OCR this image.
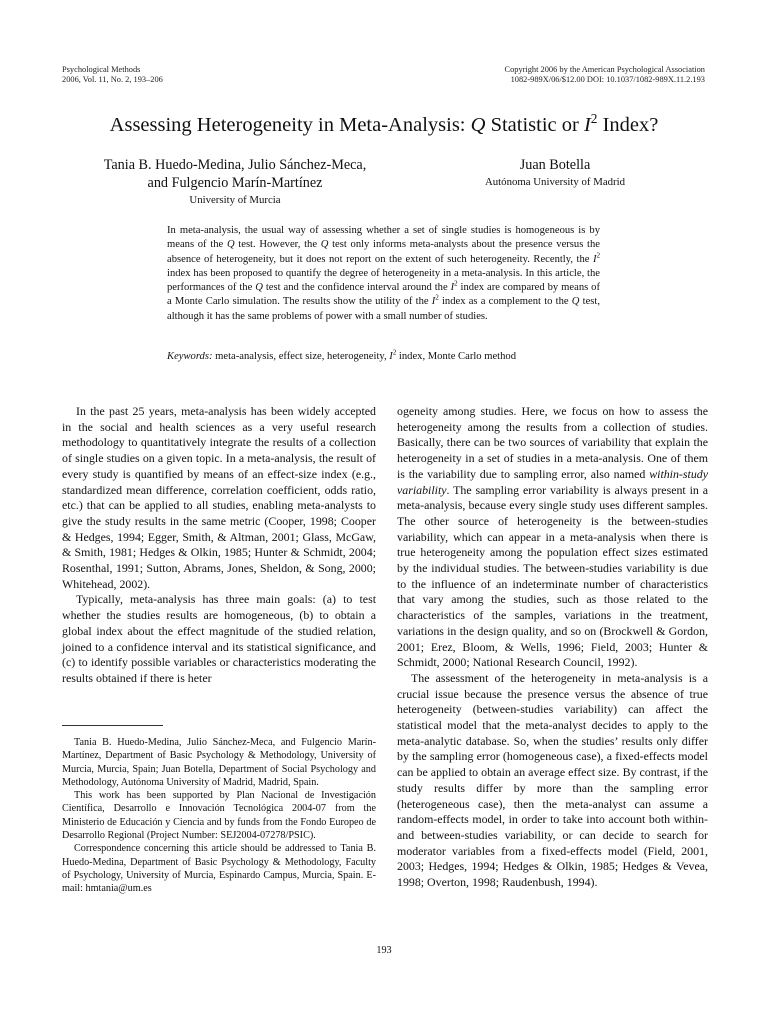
Psychological Methods
2006, Vol. 11, No. 2, 193–206
Copyright 2006 by the American Psychological Association
1082-989X/06/$12.00 DOI: 10.1037/1082-989X.11.2.193
Assessing Heterogeneity in Meta-Analysis: Q Statistic or $I^2$ Index?
Tania B. Huedo-Medina, Julio Sánchez-Meca,
and Fulgencio Marín-Martínez
University of Murcia
Juan Botella
Autónoma University of Madrid
In meta-analysis, the usual way of assessing whether a set of single studies is homogeneous is by means of the Q test. However, the Q test only informs meta-analysts about the presence versus the absence of heterogeneity, but it does not report on the extent of such heterogeneity. Recently, the $I^2$ index has been proposed to quantify the degree of heterogeneity in a meta-analysis. In this article, the performances of the Q test and the confidence interval around the $I^2$ index are compared by means of a Monte Carlo simulation. The results show the utility of the $I^2$ index as a complement to the Q test, although it has the same problems of power with a small number of studies.
Keywords: meta-analysis, effect size, heterogeneity, $I^2$ index, Monte Carlo method

In the past 25 years, meta-analysis has been widely accepted in the social and health sciences as a very useful research methodology to quantitatively integrate the results of a collection of single studies on a given topic. In a meta-analysis, the result of every study is quantified by means of an effect-size index (e.g., standardized mean difference, correlation coefficient, odds ratio, etc.) that can be applied to all studies, enabling meta-analysts to give the study results in the same metric (Cooper, 1998; Cooper & Hedges, 1994; Egger, Smith, & Altman, 2001; Glass, McGaw, & Smith, 1981; Hedges & Olkin, 1985; Hunter & Schmidt, 2004; Rosenthal, 1991; Sutton, Abrams, Jones, Sheldon, & Song, 2000; Whitehead, 2002).

Typically, meta-analysis has three main goals: (a) to test whether the studies results are homogeneous, (b) to obtain a global index about the effect magnitude of the studied relation, joined to a confidence interval and its statistical significance, and (c) to identify possible variables or characteristics moderating the results obtained if there is heter

Tania B. Huedo-Medina, Julio Sánchez-Meca, and Fulgencio Marín-Martínez, Department of Basic Psychology & Methodology, University of Murcia, Murcia, Spain; Juan Botella, Department of Social Psychology and Methodology, Autónoma University of Madrid, Madrid, Spain.

This work has been supported by Plan Nacional de Investigación Científica, Desarrollo e Innovación Tecnológica 2004-07 from the Ministerio de Educación y Ciencia and by funds from the Fondo Europeo de Desarrollo Regional (Project Number: SEJ2004-07278/PSIC).

Correspondence concerning this article should be addressed to Tania B. Huedo-Medina, Department of Basic Psychology & Methodology, Faculty of Psychology, University of Murcia, Espinardo Campus, Murcia, Spain. E-mail: hmtania@um.es

ogeneity among studies. Here, we focus on how to assess the heterogeneity among the results from a collection of studies. Basically, there can be two sources of variability that explain the heterogeneity in a set of studies in a meta-analysis. One of them is the variability due to sampling error, also named within-study variability. The sampling error variability is always present in a meta-analysis, because every single study uses different samples. The other source of heterogeneity is the between-studies variability, which can appear in a meta-analysis when there is true heterogeneity among the population effect sizes estimated by the individual studies. The between-studies variability is due to the influence of an indeterminate number of characteristics that vary among the studies, such as those related to the characteristics of the samples, variations in the treatment, variations in the design quality, and so on (Brockwell & Gordon, 2001; Erez, Bloom, & Wells, 1996; Field, 2003; Hunter & Schmidt, 2000; National Research Council, 1992).

The assessment of the heterogeneity in meta-analysis is a crucial issue because the presence versus the absence of true heterogeneity (between-studies variability) can affect the statistical model that the meta-analyst decides to apply to the meta-analytic database. So, when the studies’ results only differ by the sampling error (homogeneous case), a fixed-effects model can be applied to obtain an average effect size. By contrast, if the study results differ by more than the sampling error (heterogeneous case), then the meta-analyst can assume a random-effects model, in order to take into account both within- and between-studies variability, or can decide to search for moderator variables from a fixed-effects model (Field, 2001, 2003; Hedges, 1994; Hedges & Olkin, 1985; Hedges & Vevea, 1998; Overton, 1998; Raudenbush, 1994).

193
